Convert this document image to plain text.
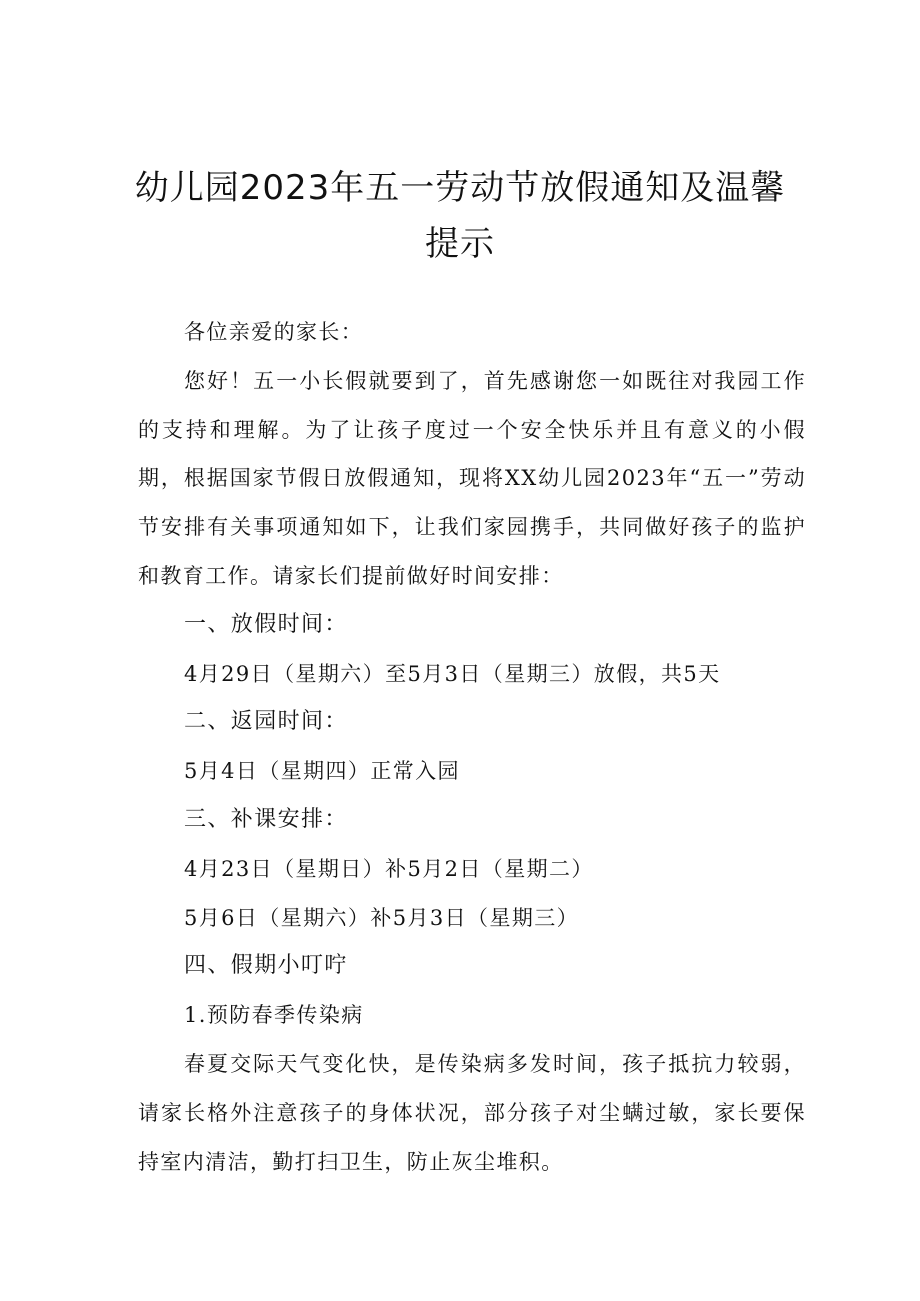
幼儿园2023年五一劳动节放假通知及温馨
提示

各位亲爱的家长：

您好！五一小长假就要到了，首先感谢您一如既往对我园工作的支持和理解。为了让孩子度过一个安全快乐并且有意义的小假期，根据国家节假日放假通知，现将XX幼儿园2023年“五一”劳动节安排有关事项通知如下，让我们家园携手，共同做好孩子的监护和教育工作。请家长们提前做好时间安排：

一、放假时间：

4月29日（星期六）至5月3日（星期三）放假，共5天

二、返园时间：

5月4日（星期四）正常入园

三、补课安排：

4月23日（星期日）补5月2日（星期二）

5月6日（星期六）补5月3日（星期三）

四、假期小叮咛

1.预防春季传染病

春夏交际天气变化快，是传染病多发时间，孩子抵抗力较弱，请家长格外注意孩子的身体状况，部分孩子对尘螨过敏，家长要保持室内清洁，勤打扫卫生，防止灰尘堆积。
